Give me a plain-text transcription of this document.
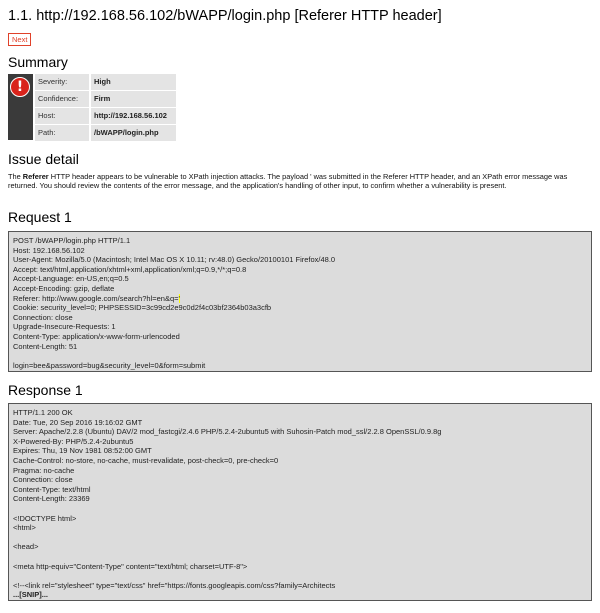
1.1. http://192.168.56.102/bWAPP/login.php [Referer HTTP header]
Next
Summary
!	Severity:	High
Confidence:	Firm
Host:	http://192.168.56.102
Path:	/bWAPP/login.php
Issue detail
The Referer HTTP header appears to be vulnerable to XPath injection attacks. The payload ' was submitted in the Referer HTTP header, and an XPath error message was returned. You should review the contents of the error message, and the application's handling of other input, to confirm whether a vulnerability is present.
Request 1
POST /bWAPP/login.php HTTP/1.1
Host: 192.168.56.102
User-Agent: Mozilla/5.0 (Macintosh; Intel Mac OS X 10.11; rv:48.0) Gecko/20100101 Firefox/48.0
Accept: text/html,application/xhtml+xml,application/xml;q=0.9,*/*;q=0.8
Accept-Language: en-US,en;q=0.5
Accept-Encoding: gzip, deflate
Referer: http://www.google.com/search?hl=en&q='
Cookie: security_level=0; PHPSESSID=3c99cd2e9c0d2f4c03bf2364b03a3cfb
Connection: close
Upgrade-Insecure-Requests: 1
Content-Type: application/x-www-form-urlencoded
Content-Length: 51

login=bee&password=bug&security_level=0&form=submit
Response 1
HTTP/1.1 200 OK
Date: Tue, 20 Sep 2016 19:16:02 GMT
Server: Apache/2.2.8 (Ubuntu) DAV/2 mod_fastcgi/2.4.6 PHP/5.2.4-2ubuntu5 with Suhosin-Patch mod_ssl/2.2.8 OpenSSL/0.9.8g
X-Powered-By: PHP/5.2.4-2ubuntu5
Expires: Thu, 19 Nov 1981 08:52:00 GMT
Cache-Control: no-store, no-cache, must-revalidate, post-check=0, pre-check=0
Pragma: no-cache
Connection: close
Content-Type: text/html
Content-Length: 23369

<!DOCTYPE html>
<html>

<head>

<meta http-equiv="Content-Type" content="text/html; charset=UTF-8">

<!--<link rel="stylesheet" type="text/css" href="https://fonts.googleapis.com/css?family=Architects
...[SNIP]...
